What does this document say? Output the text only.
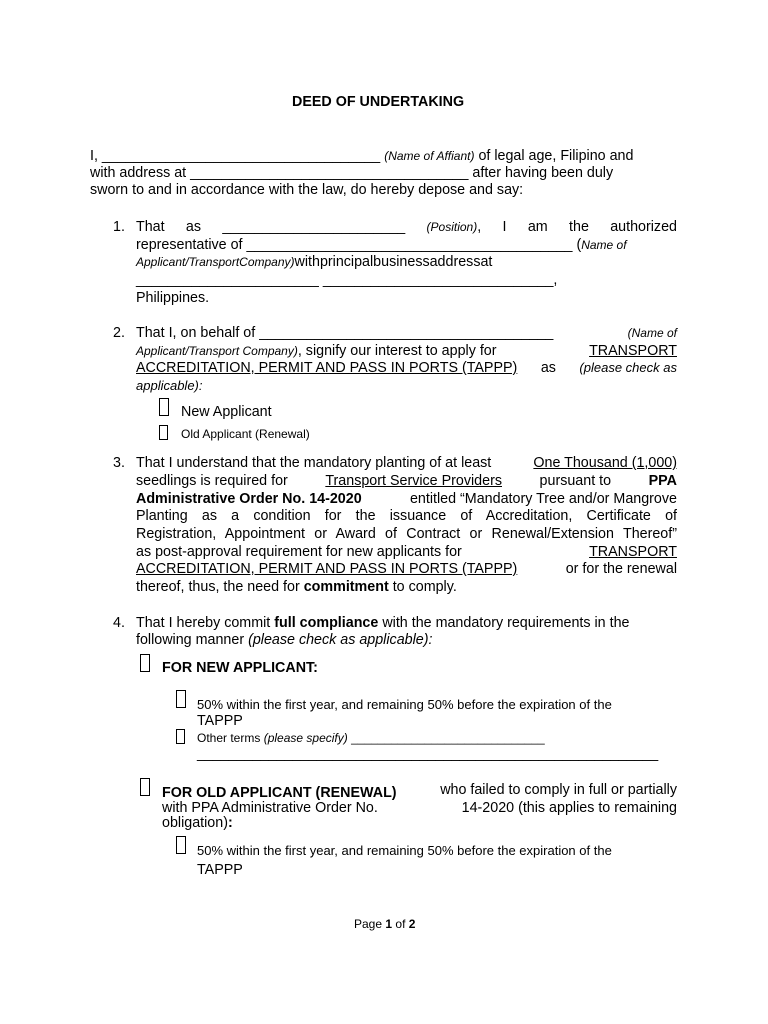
DEED OF UNDERTAKING
I, ___________________________________ (Name of Affiant) of legal age, Filipino and
with address at ___________________________________ after having been duly
sworn to and in accordance with the law, do hereby depose and say:
1. That as _______________________ (Position), I am the authorized
representative of _________________________________________ (Name of
Applicant/TransportCompany)withprincipalbusinessaddressat
_______________________ _____________________________,
Philippines.
2. That I, on behalf of _____________________________________	(Name of
Applicant/Transport Company), signify our interest to apply for	TRANSPORT
ACCREDITATION, PERMIT AND PASS IN PORTS (TAPPP) as (please check as
applicable):
New Applicant
Old Applicant (Renewal)
3. That I understand that the mandatory planting of at least	One Thousand (1,000)
seedlings is required for	Transport Service Providers	pursuant to	PPA
Administrative Order No. 14-2020	entitled “Mandatory Tree and/or Mangrove
Planting as a condition for the issuance of Accreditation, Certificate of
Registration, Appointment or Award of Contract or Renewal/Extension Thereof”
as post-approval requirement for new applicants for	TRANSPORT
ACCREDITATION, PERMIT AND PASS IN PORTS (TAPPP)	or for the renewal
thereof, thus, the need for commitment to comply.
4. That I hereby commit full compliance with the mandatory requirements in the
following manner (please check as applicable):
FOR NEW APPLICANT:
50% within the first year, and remaining 50% before the expiration of the
TAPPP
Other terms (please specify) _____________________________
__________________________________________________________
FOR OLD APPLICANT (RENEWAL)	who failed to comply in full or partially
with PPA Administrative Order No.	14-2020 (this applies to remaining
obligation):
50% within the first year, and remaining 50% before the expiration of the
TAPPP
Page 1 of 2
